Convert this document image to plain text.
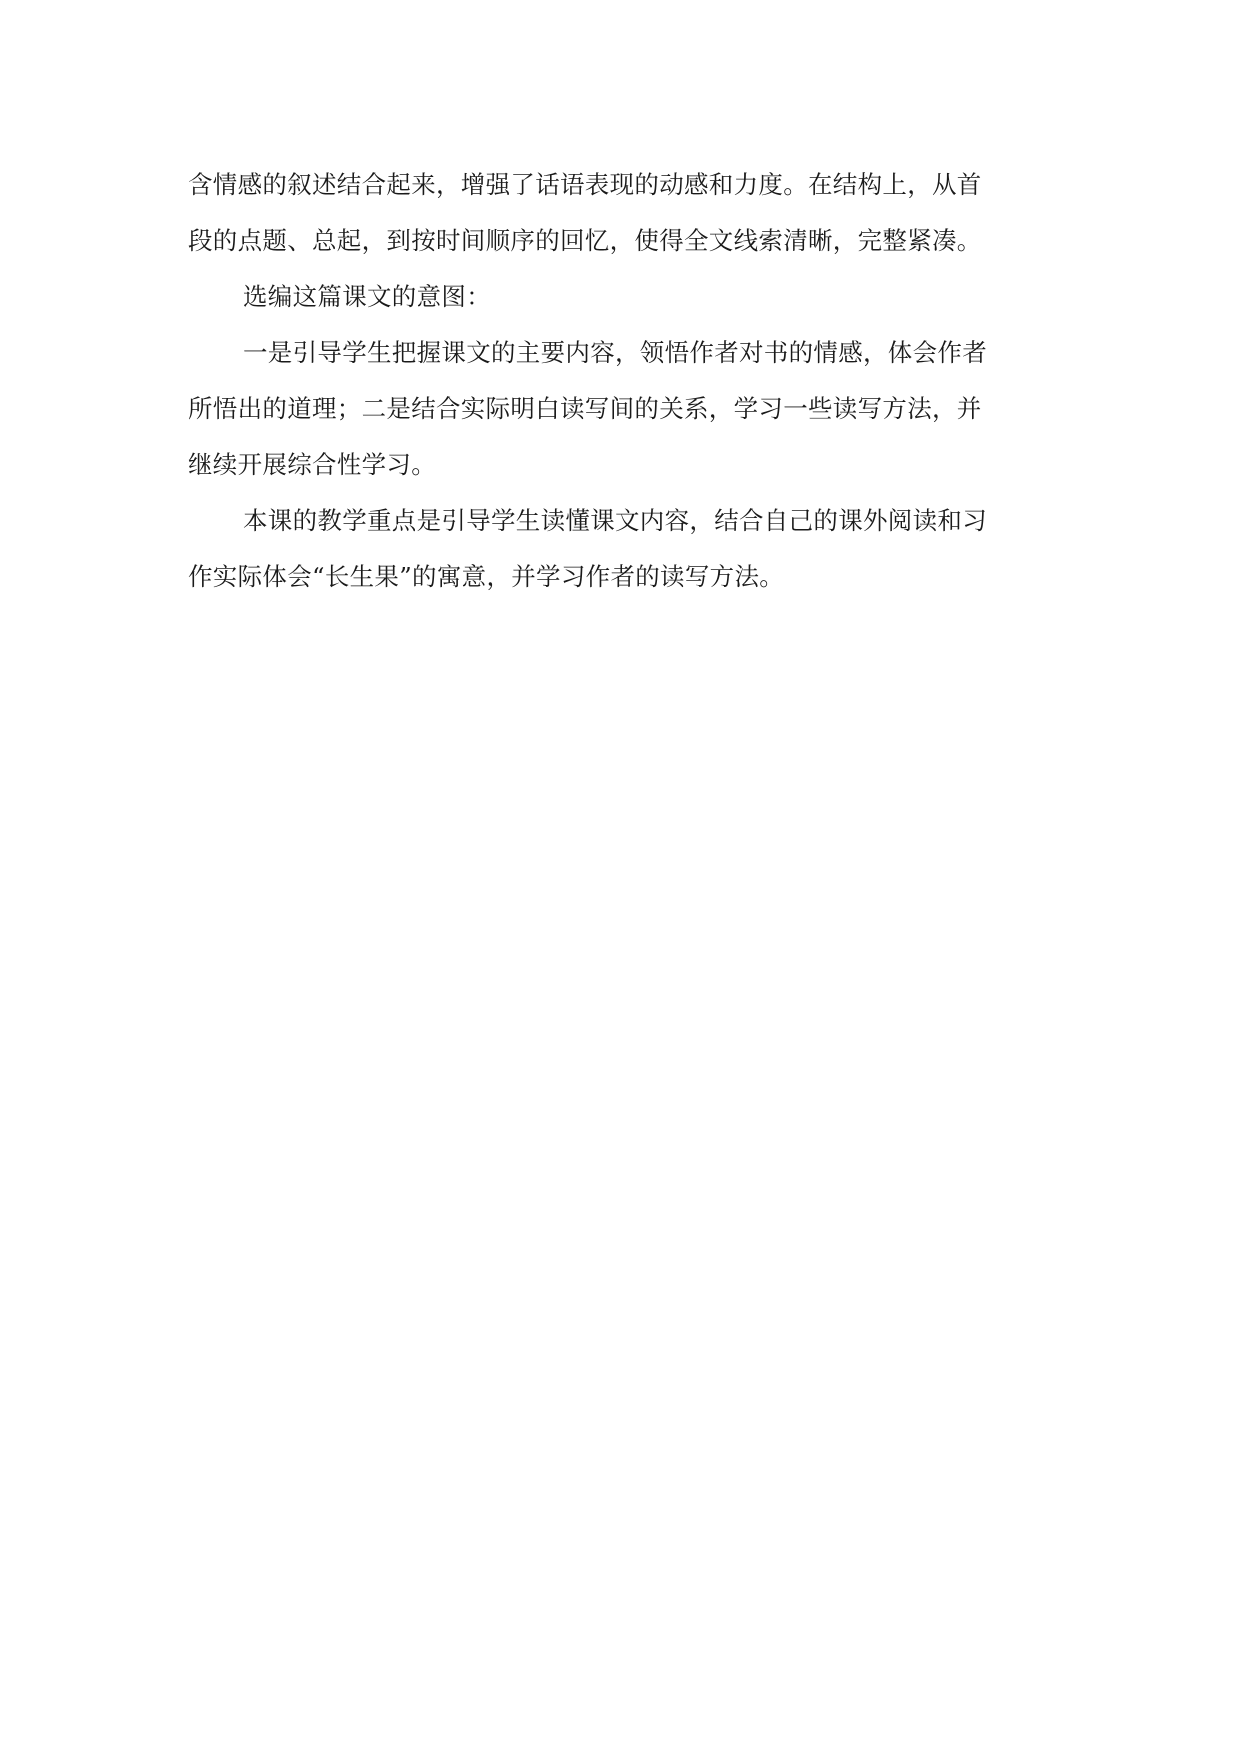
含情感的叙述结合起来，增强了话语表现的动感和力度。在结构上，从首
段的点题、总起，到按时间顺序的回忆，使得全文线索清晰，完整紧凑。

选编这篇课文的意图：

一是引导学生把握课文的主要内容，领悟作者对书的情感，体会作者
所悟出的道理；二是结合实际明白读写间的关系，学习一些读写方法，并
继续开展综合性学习。

本课的教学重点是引导学生读懂课文内容，结合自己的课外阅读和习
作实际体会“长生果”的寓意，并学习作者的读写方法。
